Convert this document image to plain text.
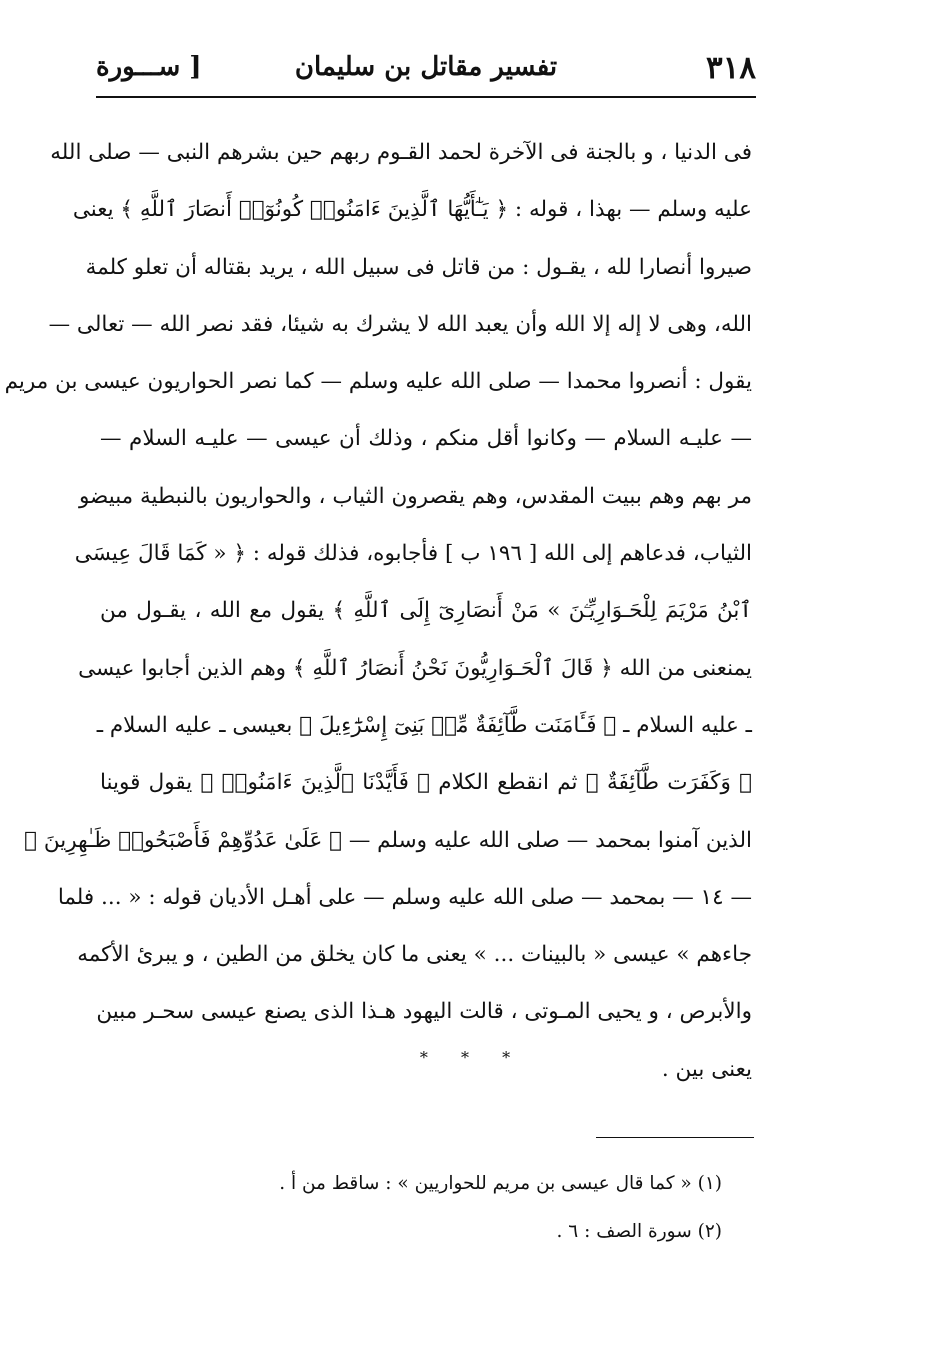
٣١٨
تفسير مقاتل بن سليمان
[ ســـورة
فى الدنيا ، و بالجنة فى الآخرة لحمد القـوم ربهم حين بشرهم النبى — صلى الله
عليه وسلم — بهذا ، قوله : ﴿ يَـٰٓأَيُّهَا ٱلَّذِينَ ءَامَنُوا۟ كُونُوٓا۟ أَنصَارَ ٱللَّهِ ﴾ يعنى
صيروا أنصارا لله ، يقـول : من قاتل فى سبيل الله ، يريد بقتاله أن تعلو كلمة
الله، وهى لا إله إلا الله وأن يعبد الله لا يشرك به شيئا، فقد نصر الله — تعالى —
يقول : أنصروا محمدا — صلى الله عليه وسلم — كما نصر الحواريون عيسى بن مريم
— عليـه السلام — وكانوا أقل منكم ، وذلك أن عيسى — عليـه السلام —
مر بهم وهم ببيت المقدس، وهم يقصرون الثياب ، والحواريون بالنبطية مبيضو
الثياب، فدعاهم إلى الله [ ١٩٦ ب ] فأجابوه، فذلك قوله : ﴿ « كَمَا قَالَ عِيسَى
ٱبْنُ مَرْيَمَ لِلْحَـوَارِيِّـۧنَ » مَنْ أَنصَارِىٓ إِلَى ٱللَّهِ ﴾ يقول مع الله ، يقـول من
يمنعنى من الله ﴿ قَالَ ٱلْحَـوَارِيُّونَ نَحْنُ أَنصَارُ ٱللَّهِ ﴾ وهم الذين أجابوا عيسى
ـ عليه السلام ـ ﴿ فَـَٔامَنَت طَّآئِفَةٌ مِّنۢ بَنِىٓ إِسْرَٰٓءِيلَ ﴾ بعيسى ـ عليه السلام ـ
﴿ وَكَفَرَت طَّآئِفَةٌ ﴾ ثم انقطع الكلام ﴿ فَأَيَّدْنَا ٱلَّذِينَ ءَامَنُوا۟ ﴾ يقول قوينا
الذين آمنوا بمحمد — صلى الله عليه وسلم — ﴿ عَلَىٰ عَدُوِّهِمْ فَأَصْبَحُوا۟ ظَـٰهِرِينَ ﴾
— ١٤ — بمحمد — صلى الله عليه وسلم — على أهـل الأديان قوله : « ... فلما
جاءهم » عيسى « بالبينات ... » يعنى ما كان يخلق من الطين ، و يبرئ الأكمه
والأبرص ، و يحيى المـوتى ، قالت اليهود هـذا الذى يصنع عيسى سحـر مبين
يعنى بين .
* * *
(١) « كما قال عيسى بن مريم للحواريين » : ساقط من أ .
(٢) سورة الصف : ٦ .
